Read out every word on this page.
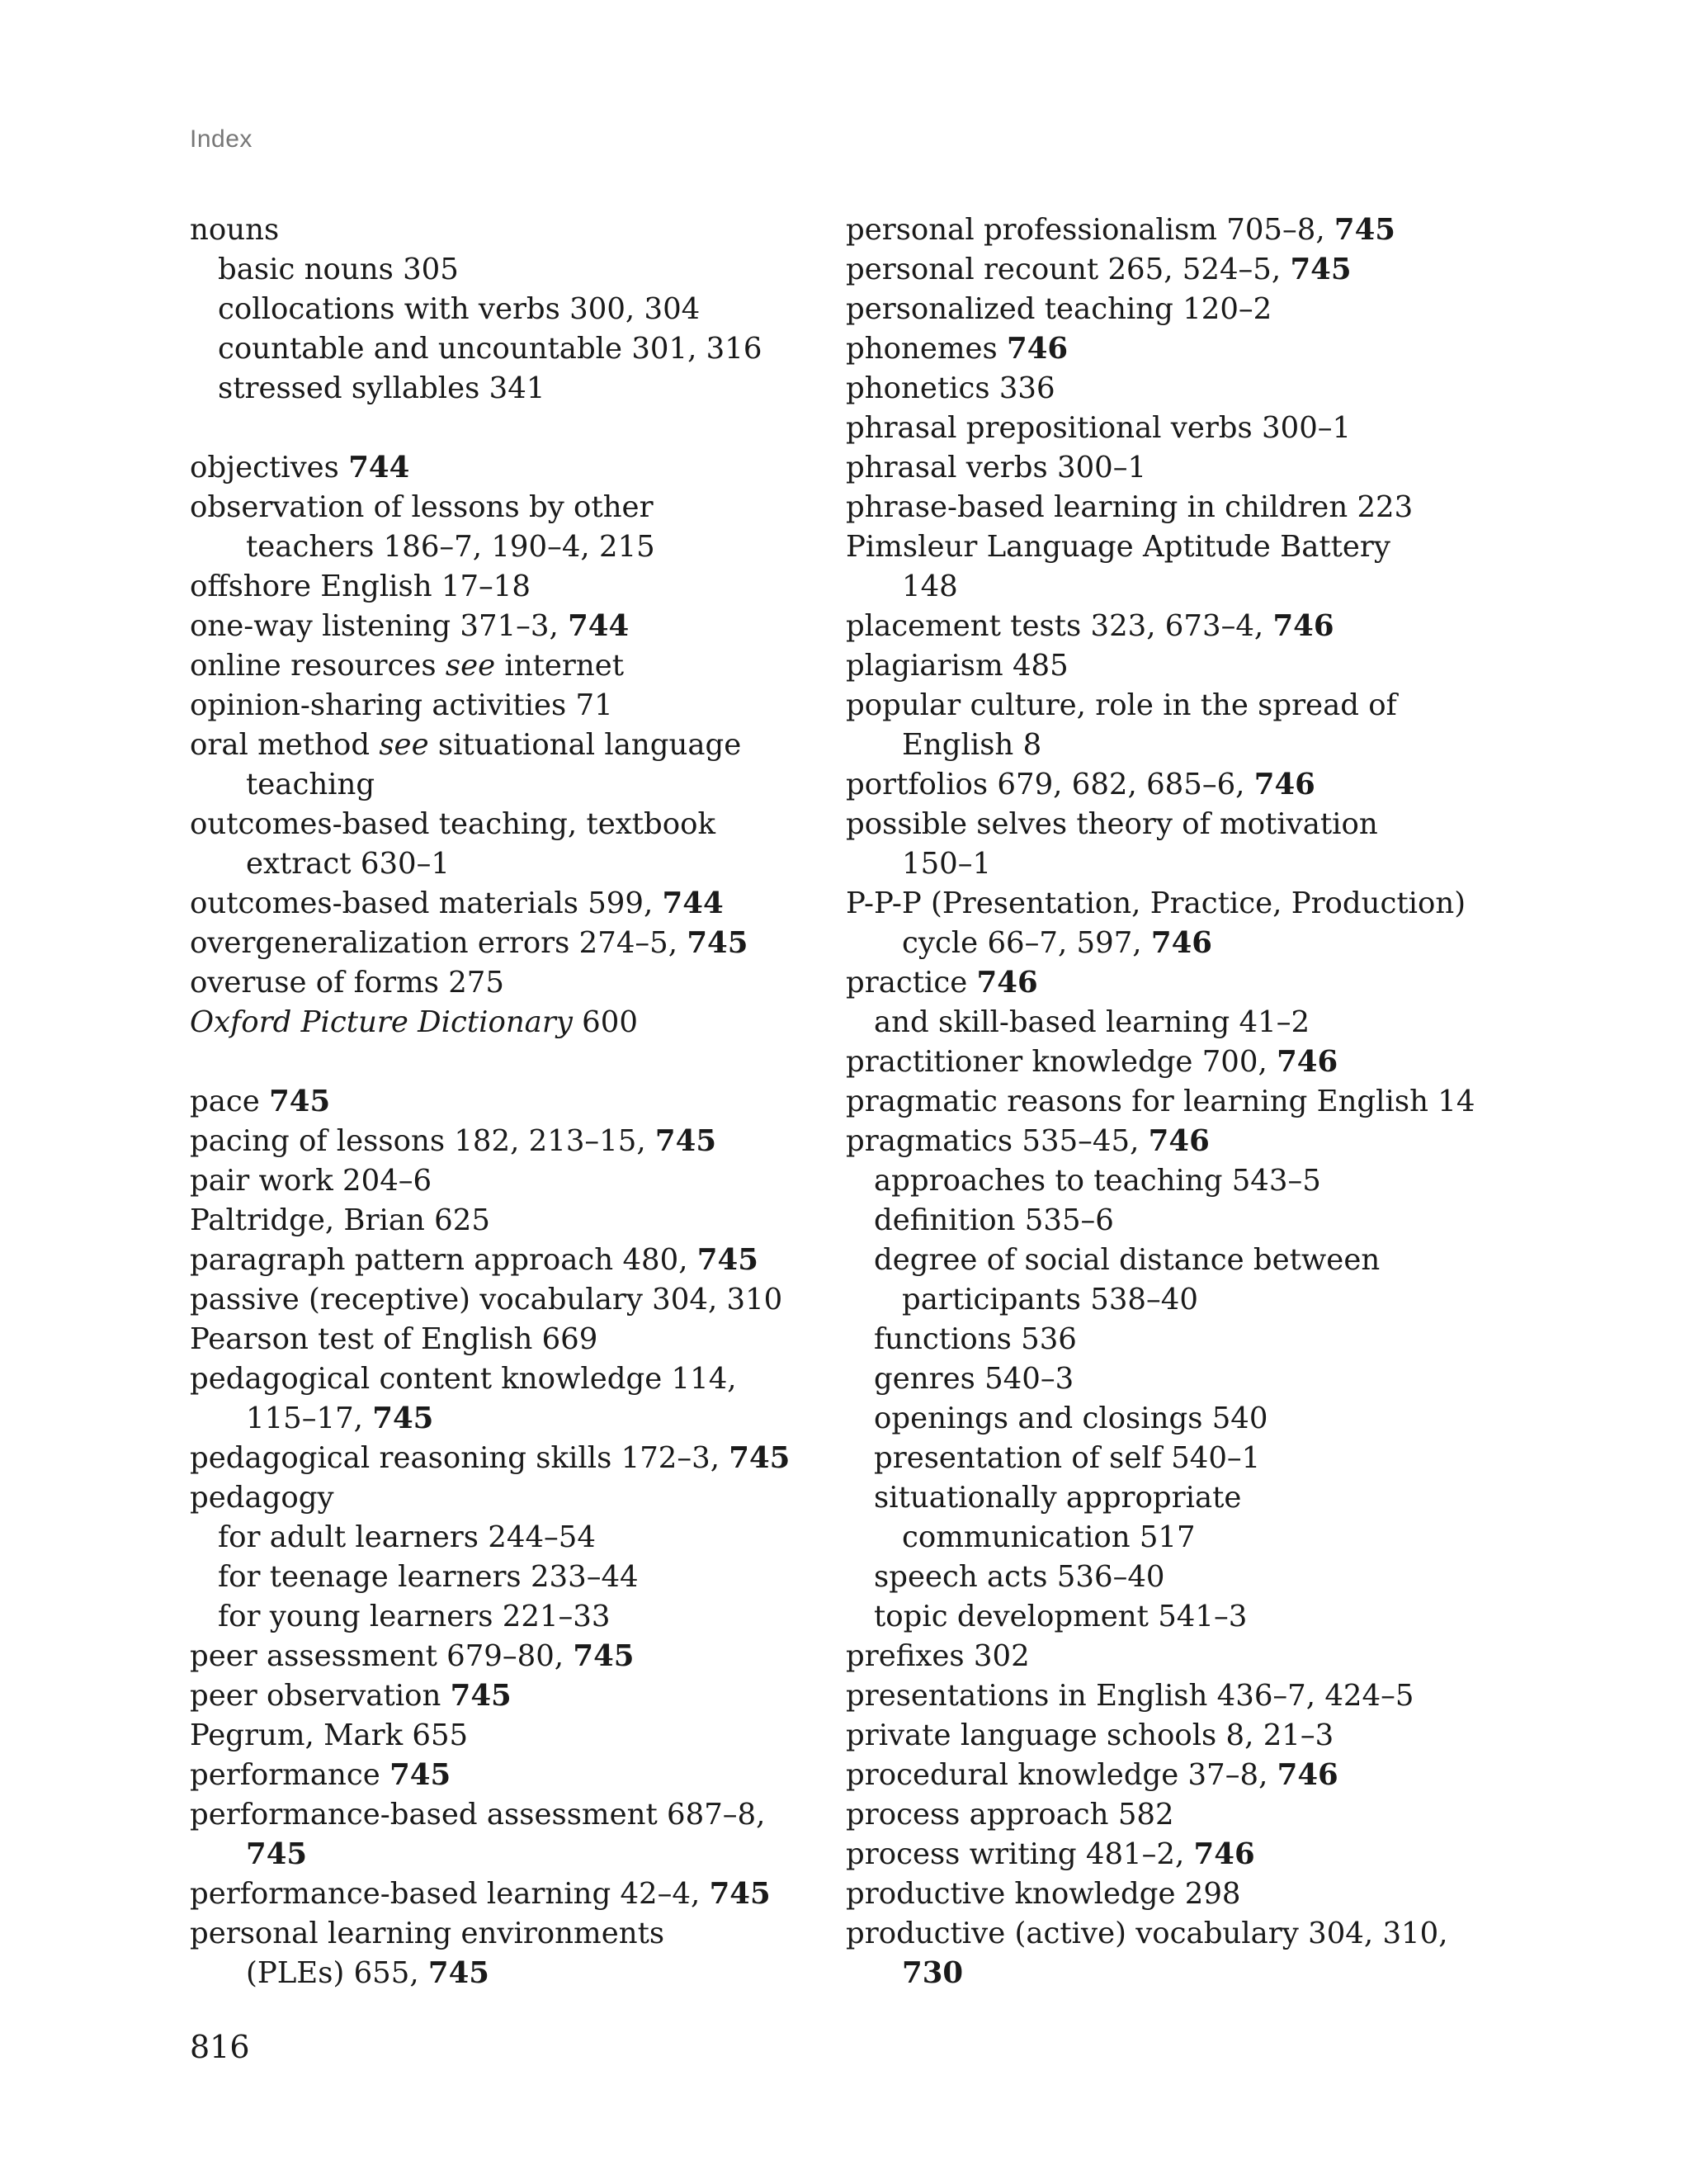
Index
nouns
basic nouns 305
collocations with verbs 300, 304
countable and uncountable 301, 316
stressed syllables 341
objectives 744
observation of lessons by other
teachers 186–7, 190–4, 215
offshore English 17–18
one-way listening 371–3, 744
online resources see internet
opinion-sharing activities 71
oral method see situational language
teaching
outcomes-based teaching, textbook
extract 630–1
outcomes-based materials 599, 744
overgeneralization errors 274–5, 745
overuse of forms 275
Oxford Picture Dictionary 600
pace 745
pacing of lessons 182, 213–15, 745
pair work 204–6
Paltridge, Brian 625
paragraph pattern approach 480, 745
passive (receptive) vocabulary 304, 310
Pearson test of English 669
pedagogical content knowledge 114,
115–17, 745
pedagogical reasoning skills 172–3, 745
pedagogy
for adult learners 244–54
for teenage learners 233–44
for young learners 221–33
peer assessment 679–80, 745
peer observation 745
Pegrum, Mark 655
performance 745
performance-based assessment 687–8,
745
performance-based learning 42–4, 745
personal learning environments
(PLEs) 655, 745
personal professionalism 705–8, 745
personal recount 265, 524–5, 745
personalized teaching 120–2
phonemes 746
phonetics 336
phrasal prepositional verbs 300–1
phrasal verbs 300–1
phrase-based learning in children 223
Pimsleur Language Aptitude Battery
148
placement tests 323, 673–4, 746
plagiarism 485
popular culture, role in the spread of
English 8
portfolios 679, 682, 685–6, 746
possible selves theory of motivation
150–1
P-P-P (Presentation, Practice, Production)
cycle 66–7, 597, 746
practice 746
and skill-based learning 41–2
practitioner knowledge 700, 746
pragmatic reasons for learning English 14
pragmatics 535–45, 746
approaches to teaching 543–5
definition 535–6
degree of social distance between
participants 538–40
functions 536
genres 540–3
openings and closings 540
presentation of self 540–1
situationally appropriate
communication 517
speech acts 536–40
topic development 541–3
prefixes 302
presentations in English 436–7, 424–5
private language schools 8, 21–3
procedural knowledge 37–8, 746
process approach 582
process writing 481–2, 746
productive knowledge 298
productive (active) vocabulary 304, 310,
730
816
